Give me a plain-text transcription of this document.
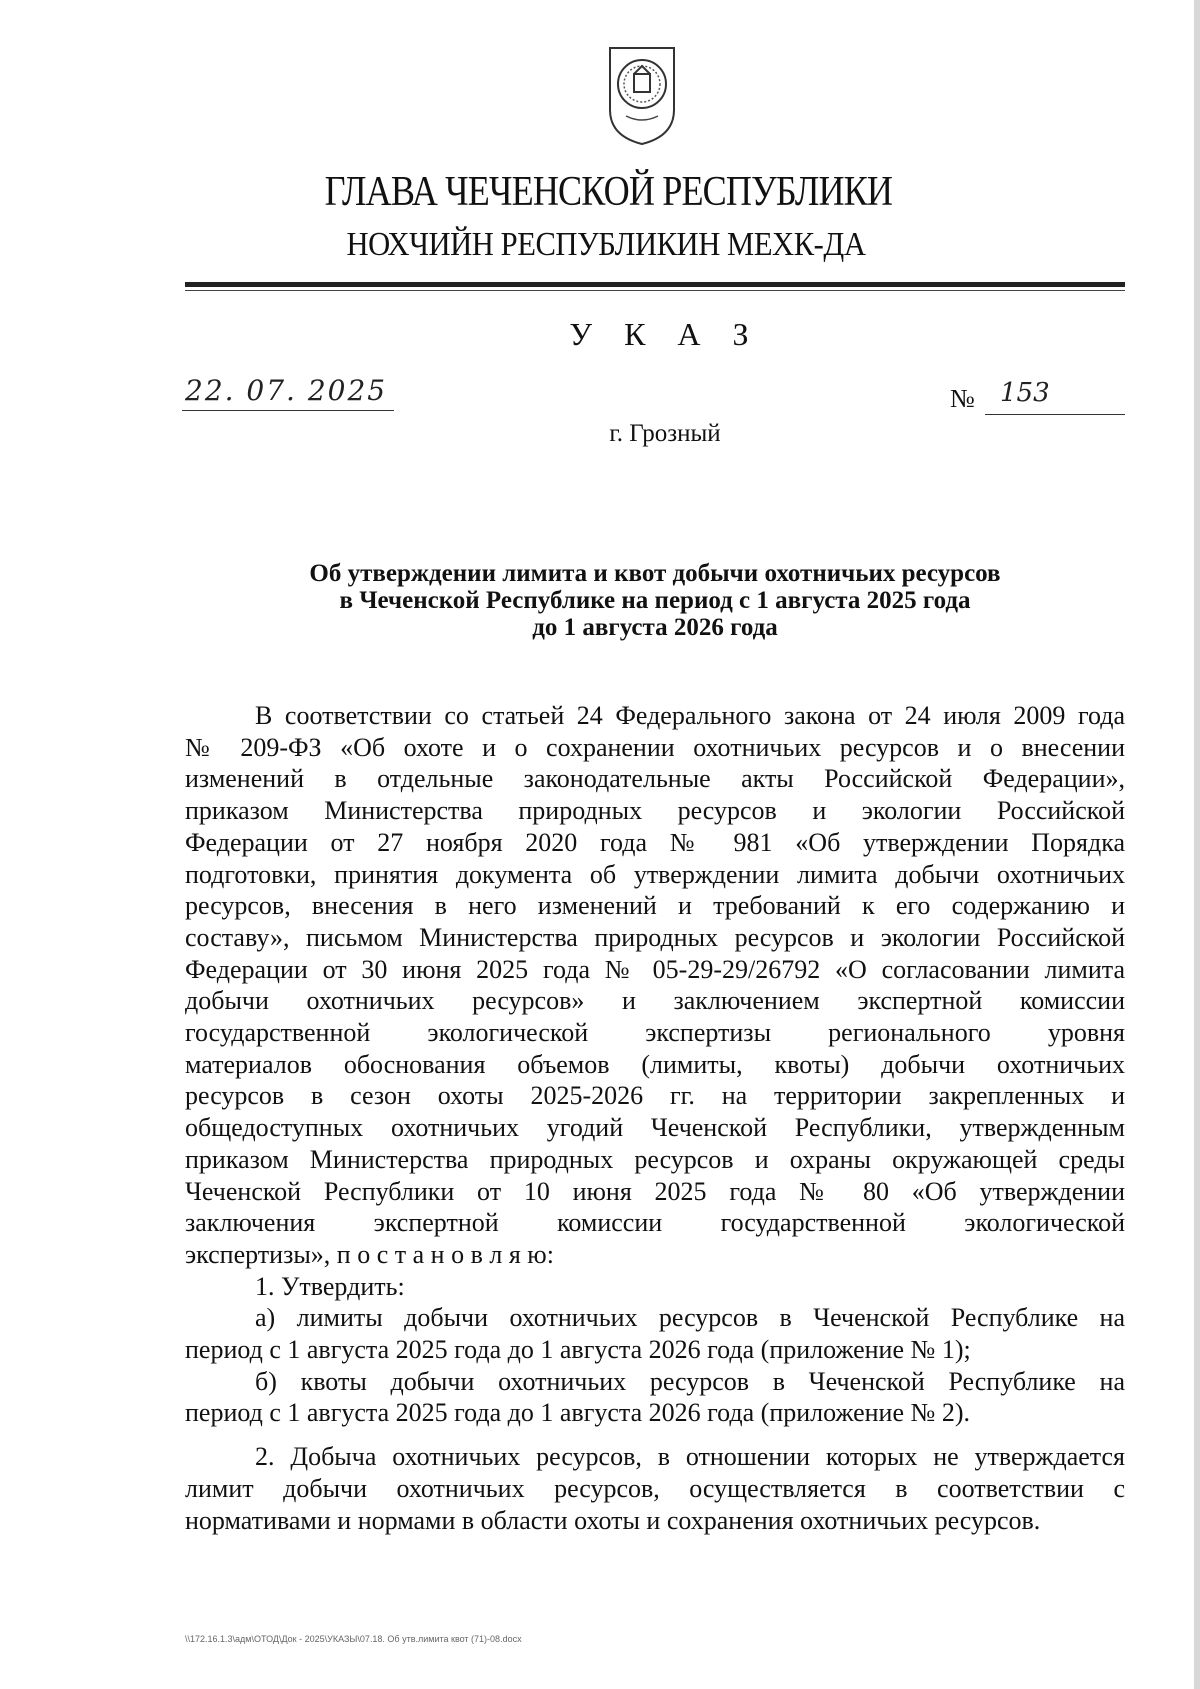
ГЛАВА ЧЕЧЕНСКОЙ РЕСПУБЛИКИ
НОХЧИЙН РЕСПУБЛИКИН МЕХК-ДА
У К А З
22. 07. 2025	№ 153
г. Грозный
Об утверждении лимита и квот добычи охотничьих ресурсов
в Чеченской Республике на период с 1 августа 2025 года
до 1 августа 2026 года
В соответствии со статьей 24 Федерального закона от 24 июля 2009 года
№ 209-ФЗ «Об охоте и о сохранении охотничьих ресурсов и о внесении
изменений в отдельные законодательные акты Российской Федерации»,
приказом Министерства природных ресурсов и экологии Российской
Федерации от 27 ноября 2020 года № 981 «Об утверждении Порядка
подготовки, принятия документа об утверждении лимита добычи охотничьих
ресурсов, внесения в него изменений и требований к его содержанию и
составу», письмом Министерства природных ресурсов и экологии Российской
Федерации от 30 июня 2025 года № 05-29-29/26792 «О согласовании лимита
добычи охотничьих ресурсов» и заключением экспертной комиссии
государственной экологической экспертизы регионального уровня
материалов обоснования объемов (лимиты, квоты) добычи охотничьих
ресурсов в сезон охоты 2025-2026 гг. на территории закрепленных и
общедоступных охотничьих угодий Чеченской Республики, утвержденным
приказом Министерства природных ресурсов и охраны окружающей среды
Чеченской Республики от 10 июня 2025 года № 80 «Об утверждении
заключения экспертной комиссии государственной экологической
экспертизы», п о с т а н о в л я ю:
1. Утвердить:
а) лимиты добычи охотничьих ресурсов в Чеченской Республике на
период с 1 августа 2025 года до 1 августа 2026 года (приложение № 1);
б) квоты добычи охотничьих ресурсов в Чеченской Республике на
период с 1 августа 2025 года до 1 августа 2026 года (приложение № 2).
2. Добыча охотничьих ресурсов, в отношении которых не утверждается
лимит добычи охотничьих ресурсов, осуществляется в соответствии с
нормативами и нормами в области охоты и сохранения охотничьих ресурсов.
\\172.16.1.3\адм\ОТОД\Док - 2025\УКАЗЫ\07.18. Об утв.лимита квот (71)-08.docx
